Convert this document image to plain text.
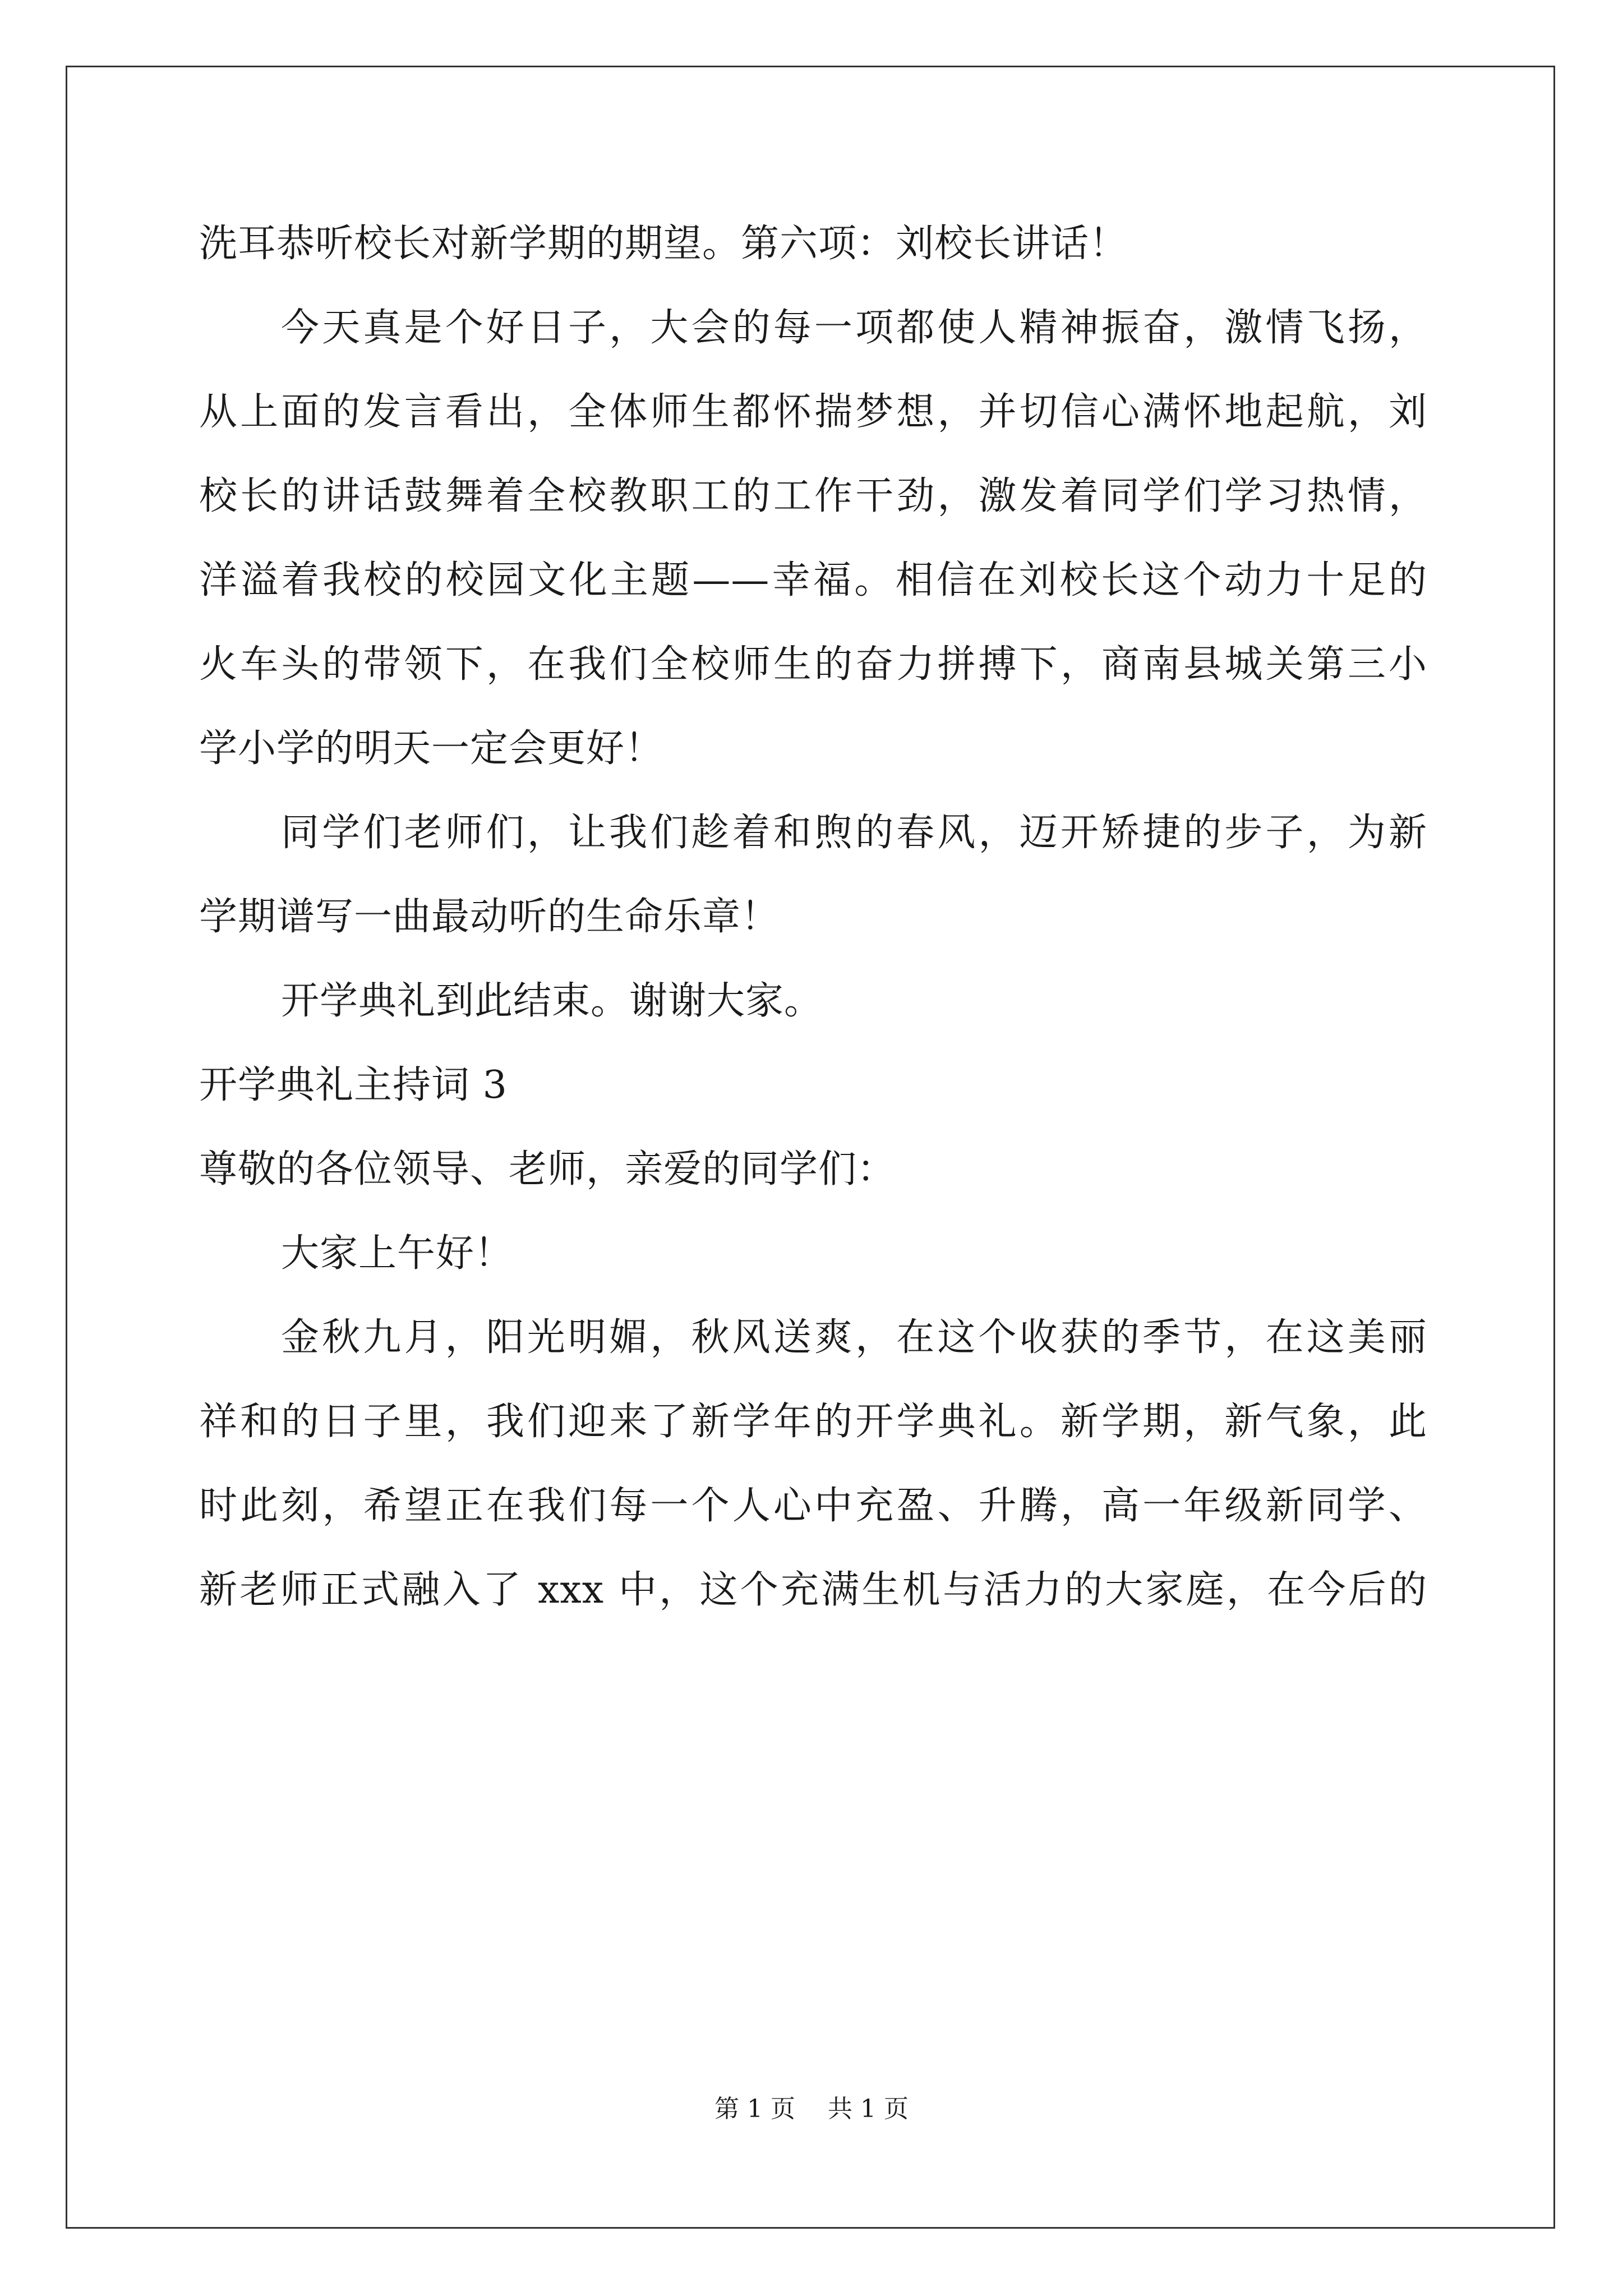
洗耳恭听校长对新学期的期望。第六项：刘校长讲话！
今天真是个好日子，大会的每一项都使人精神振奋，激情飞扬，
从上面的发言看出，全体师生都怀揣梦想，并切信心满怀地起航，刘
校长的讲话鼓舞着全校教职工的工作干劲，激发着同学们学习热情，
洋溢着我校的校园文化主题——幸福。相信在刘校长这个动力十足的
火车头的带领下，在我们全校师生的奋力拼搏下，商南县城关第三小
学小学的明天一定会更好！
同学们老师们，让我们趁着和煦的春风，迈开矫捷的步子，为新
学期谱写一曲最动听的生命乐章！
开学典礼到此结束。谢谢大家。
开学典礼主持词 3
尊敬的各位领导、老师，亲爱的同学们：
大家上午好！
金秋九月，阳光明媚，秋风送爽，在这个收获的季节，在这美丽
祥和的日子里，我们迎来了新学年的开学典礼。新学期，新气象，此
时此刻，希望正在我们每一个人心中充盈、升腾，高一年级新同学、
新老师正式融入了 xxx 中，这个充满生机与活力的大家庭，在今后的
第 1 页 共 1 页
